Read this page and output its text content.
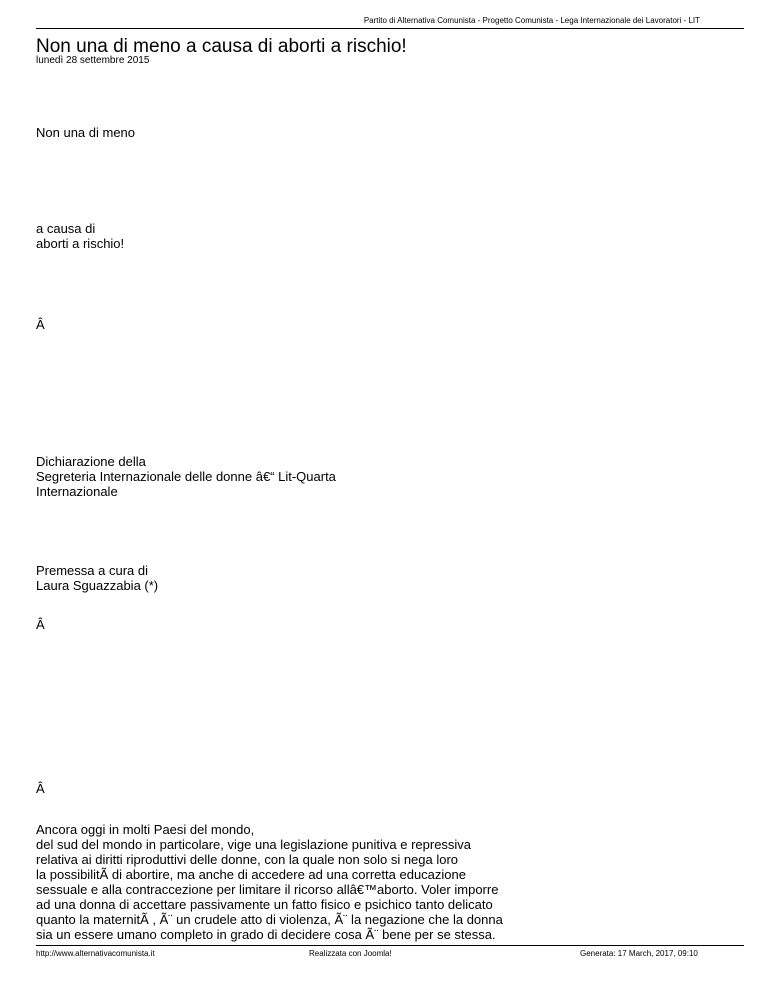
Partito di Alternativa Comunista - Progetto Comunista - Lega Internazionale dei Lavoratori - LIT
Non una di meno a causa di aborti a rischio!
lunedì 28 settembre 2015

Non una di meno

a causa di
aborti a rischio!

Â

Dichiarazione della
Segreteria Internazionale delle donne â€“ Lit-Quarta
Internazionale

Premessa a cura di
Laura Sguazzabia (*)

Â

Â

Ancora oggi in molti Paesi del mondo,
del sud del mondo in particolare, vige una legislazione punitiva e repressiva
relativa ai diritti riproduttivi delle donne, con la quale non solo si nega loro
la possibilitÃ di abortire, ma anche di accedere ad una corretta educazione
sessuale e alla contraccezione per limitare il ricorso allâ€™aborto. Voler imporre
ad una donna di accettare passivamente un fatto fisico e psichico tanto delicato
quanto la maternitÃ , Ã¨ un crudele atto di violenza, Ã¨ la negazione che la donna
sia un essere umano completo in grado di decidere cosa Ã¨ bene per se stessa.
http://www.alternativacomunista.it	Realizzata con Joomla!	Generata: 17 March, 2017, 09:10
